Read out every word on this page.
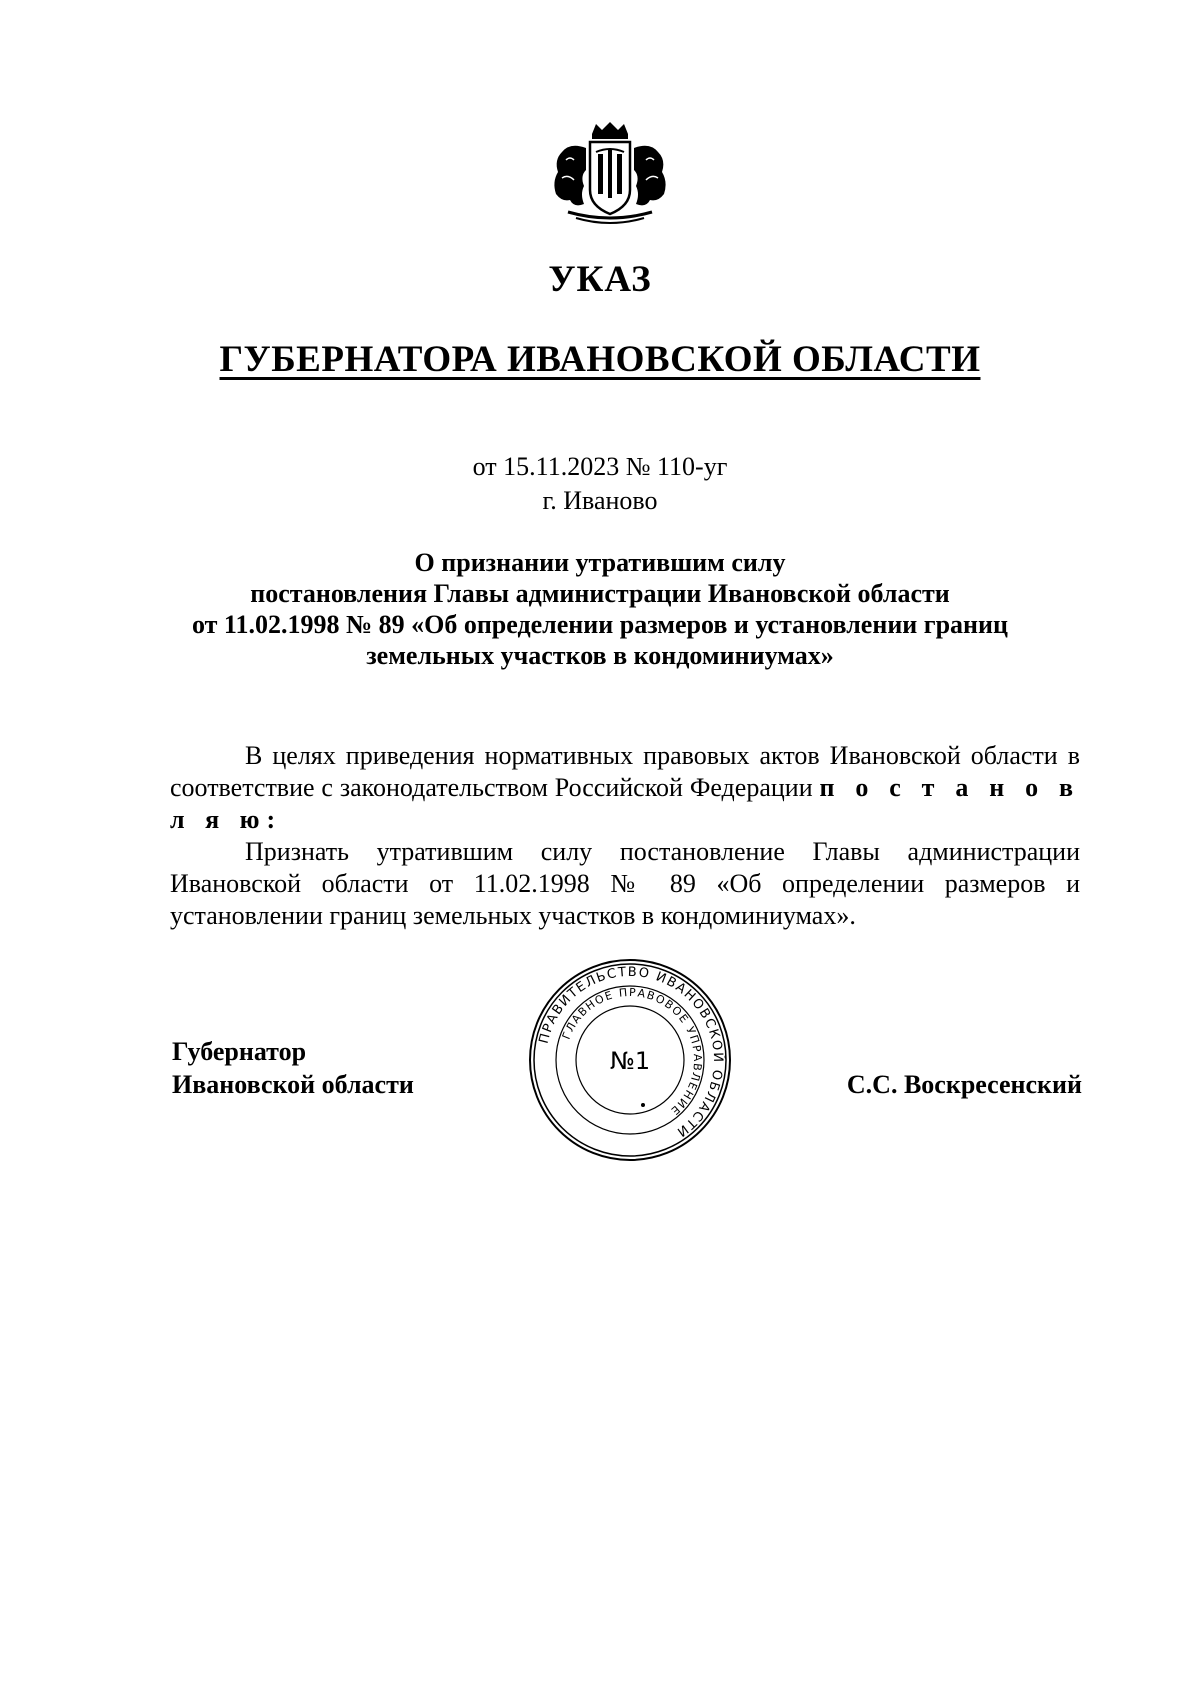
УКАЗ
ГУБЕРНАТОРА ИВАНОВСКОЙ ОБЛАСТИ
от 15.11.2023 № 110-уг
г. Иваново
О признании утратившим силу
постановления Главы администрации Ивановской области
от 11.02.1998 № 89 «Об определении размеров и установлении границ
земельных участков в кондоминиумах»

В целях приведения нормативных правовых актов Ивановской области в соответствие с законодательством Российской Федерации п о с т а н о в л я ю:

Признать утратившим силу постановление Главы администрации Ивановской области от 11.02.1998 № 89 «Об определении размеров и установлении границ земельных участков в кондоминиумах».

Губернатор
Ивановской области	С.С. Воскресенский
ПРАВИТЕЛЬСТВО ИВАНОВСКОЙ ОБЛАСТИ
ГЛАВНОЕ ПРАВОВОЕ УПРАВЛЕНИЕ
№1
